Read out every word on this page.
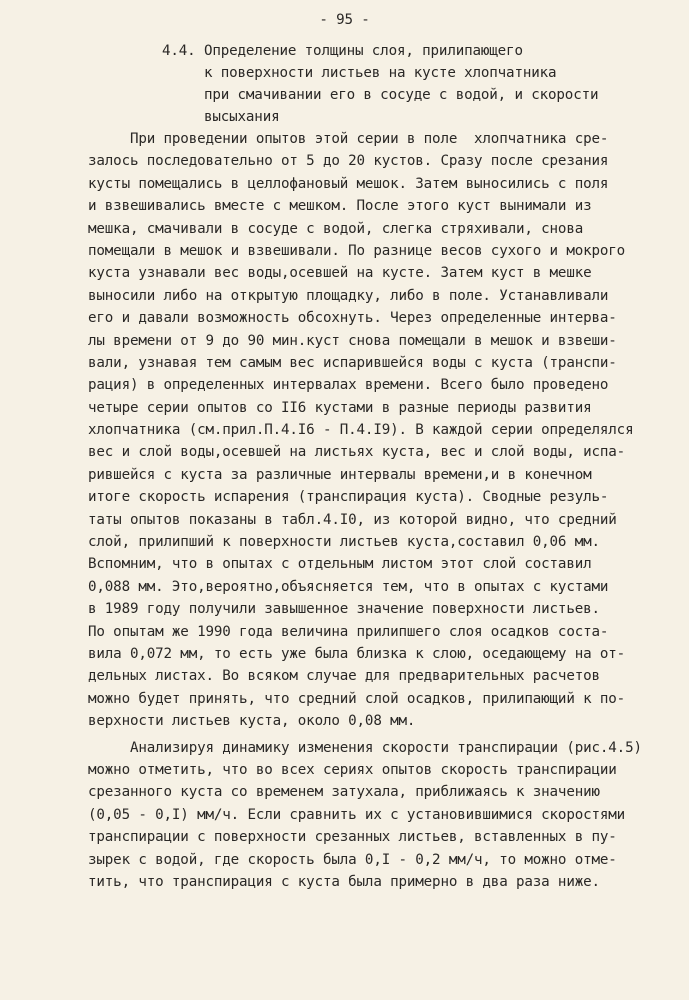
- 95 -
4.4. Определение толщины слоя, прилипающего
к поверхности листьев на кусте хлопчатника
при смачивании его в сосуде с водой, и скорости
высыхания
При проведении опытов этой серии в поле  хлопчатника сре-
залось последовательно от 5 до 20 кустов. Сразу после срезания
кусты помещались в целлофановый мешок. Затем выносились с поля
и взвешивались вместе с мешком. После этого куст вынимали из
мешка, смачивали в сосуде с водой, слегка стряхивали, снова
помещали в мешок и взвешивали. По разнице весов сухого и мокрого
куста узнавали вес воды,осевшей на кусте. Затем куст в мешке
выносили либо на открытую площадку, либо в поле. Устанавливали
его и давали возможность обсохнуть. Через определенные интерва-
лы времени от 9 до 90 мин.куст снова помещали в мешок и взвеши-
вали, узнавая тем самым вес испарившейся воды с куста (транспи-
рация) в определенных интервалах времени. Всего было проведено
четыре серии опытов со II6 кустами в разные периоды развития
хлопчатника (см.прил.П.4.I6 - П.4.I9). В каждой серии определялся
вес и слой воды,осевшей на листьях куста, вес и слой воды, испа-
рившейся с куста за различные интервалы времени,и в конечном
итоге скорость испарения (транспирация куста). Сводные резуль-
таты опытов показаны в табл.4.I0, из которой видно, что средний
слой, прилипший к поверхности листьев куста,составил 0,06 мм.
Вспомним, что в опытах с отдельным листом этот слой составил
0,088 мм. Это,вероятно,объясняется тем, что в опытах с кустами
в 1989 году получили завышенное значение поверхности листьев.
По опытам же 1990 года величина прилипшего слоя осадков соста-
вила 0,072 мм, то есть уже была близка к слою, оседающему на от-
дельных листах. Во всяком случае для предварительных расчетов
можно будет принять, что средний слой осадков, прилипающий к по-
верхности листьев куста, около 0,08 мм.
Анализируя динамику изменения скорости транспирации (рис.4.5)
можно отметить, что во всех сериях опытов скорость транспирации
срезанного куста со временем затухала, приближаясь к значению
(0,05 - 0,I) мм/ч. Если сравнить их с установившимися скоростями
транспирации с поверхности срезанных листьев, вставленных в пу-
зырек с водой, где скорость была 0,I - 0,2 мм/ч, то можно отме-
тить, что транспирация с куста была примерно в два раза ниже.
